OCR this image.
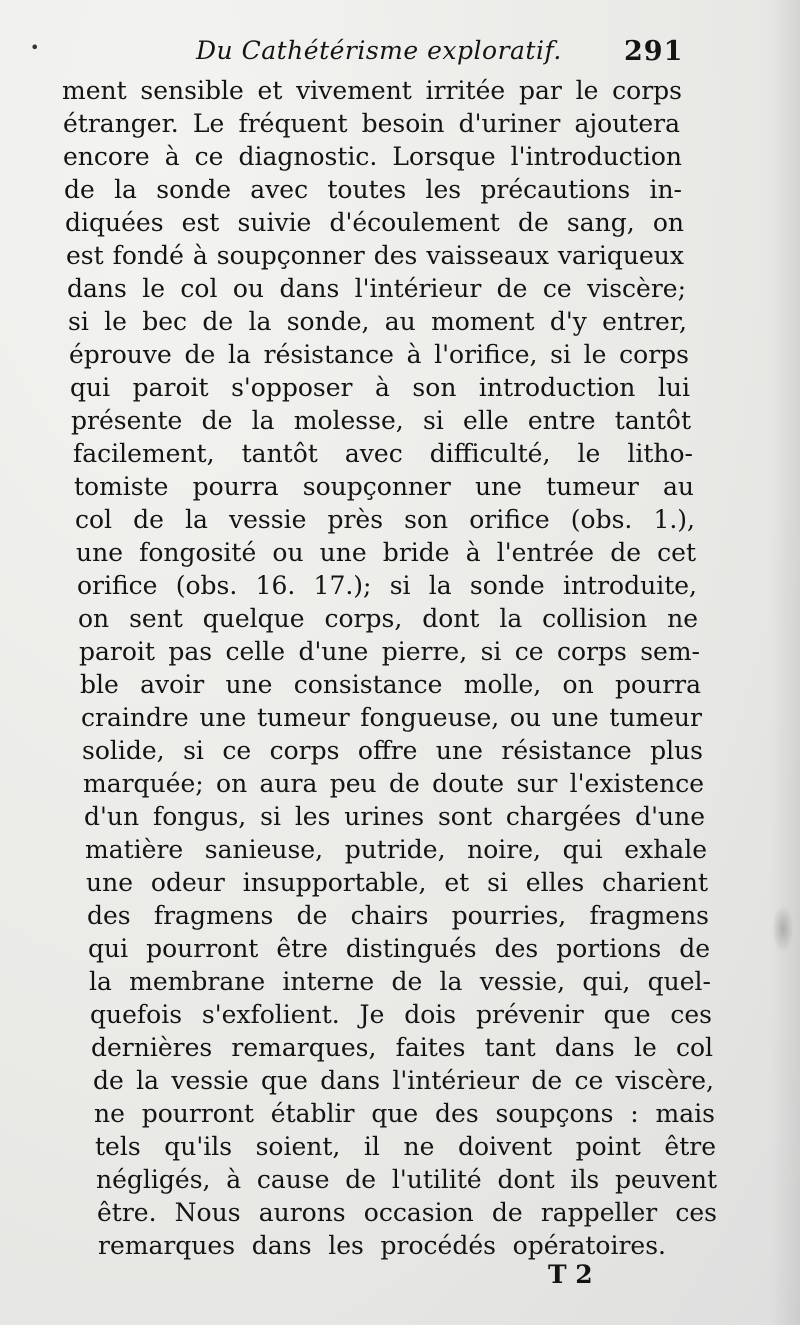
•	Du Cathétérisme exploratif. 291
ment sensible et vivement irritée par le corps
étranger. Le fréquent besoin d'uriner ajoutera
encore à ce diagnostic. Lorsque l'introduction
de la sonde avec toutes les précautions in-
diquées est suivie d'écoulement de sang, on
est fondé à soupçonner des vaisseaux variqueux
dans le col ou dans l'intérieur de ce viscère;
si le bec de la sonde, au moment d'y entrer,
éprouve de la résistance à l'orifice, si le corps
qui paroit s'opposer à son introduction lui
présente de la molesse, si elle entre tantôt
facilement, tantôt avec difficulté, le litho-
tomiste pourra soupçonner une tumeur au
col de la vessie près son orifice (obs. 1.),
une fongosité ou une bride à l'entrée de cet
orifice (obs. 16. 17.); si la sonde introduite,
on sent quelque corps, dont la collision ne
paroit pas celle d'une pierre, si ce corps sem-
ble avoir une consistance molle, on pourra
craindre une tumeur fongueuse, ou une tumeur
solide, si ce corps offre une résistance plus
marquée; on aura peu de doute sur l'existence
d'un fongus, si les urines sont chargées d'une
matière sanieuse, putride, noire, qui exhale
une odeur insupportable, et si elles charient
des fragmens de chairs pourries, fragmens
qui pourront être distingués des portions de
la membrane interne de la vessie, qui, quel-
quefois s'exfolient. Je dois prévenir que ces
dernières remarques, faites tant dans le col
de la vessie que dans l'intérieur de ce viscère,
ne pourront établir que des soupçons : mais
tels qu'ils soient, il ne doivent point être
négligés, à cause de l'utilité dont ils peuvent
être. Nous aurons occasion de rappeller ces
remarques dans les procédés opératoires.
T 2
